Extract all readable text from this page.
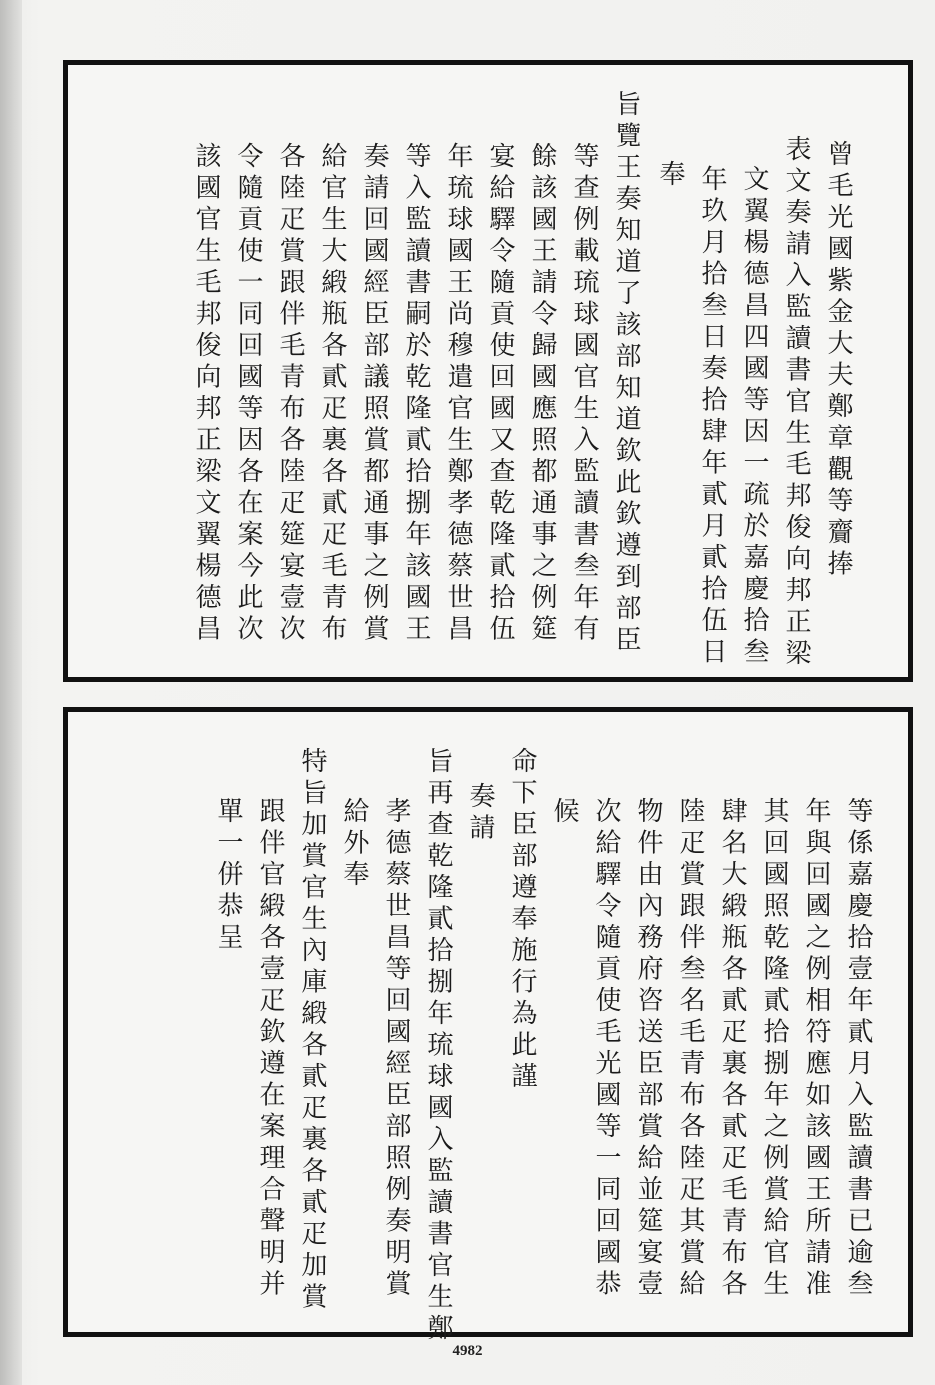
曾毛光國紫金大夫鄭章觀等齎捧
表文奏請入監讀書官生毛邦俊向邦正梁
文翼楊德昌四國等因一疏於嘉慶拾叁
年玖月拾叁日奏拾肆年貳月貳拾伍日
奉
旨覽王奏知道了該部知道欽此欽遵到部臣
等查例載琉球國官生入監讀書叁年有
餘該國王請令歸國應照都通事之例筵
宴給驛令隨貢使回國又查乾隆貳拾伍
年琉球國王尚穆遣官生鄭孝德蔡世昌
等入監讀書嗣於乾隆貳拾捌年該國王
奏請回國經臣部議照賞都通事之例賞
給官生大緞瓶各貳疋裏各貳疋毛青布
各陸疋賞跟伴毛青布各陸疋筵宴壹次
令隨貢使一同回國等因各在案今此次
該國官生毛邦俊向邦正梁文翼楊德昌
等係嘉慶拾壹年貳月入監讀書已逾叁
年與回國之例相符應如該國王所請准
其回國照乾隆貳拾捌年之例賞給官生
肆名大緞瓶各貳疋裏各貳疋毛青布各
陸疋賞跟伴叁名毛青布各陸疋其賞給
物件由內務府咨送臣部賞給並筵宴壹
次給驛令隨貢使毛光國等一同回國恭
候
命下臣部遵奉施行為此謹
奏請
旨再查乾隆貳拾捌年琉球國入監讀書官生鄭
孝德蔡世昌等回國經臣部照例奏明賞
給外奉
特旨加賞官生內庫緞各貳疋裏各貳疋加賞
跟伴官緞各壹疋欽遵在案理合聲明并
單一併恭呈
4982
